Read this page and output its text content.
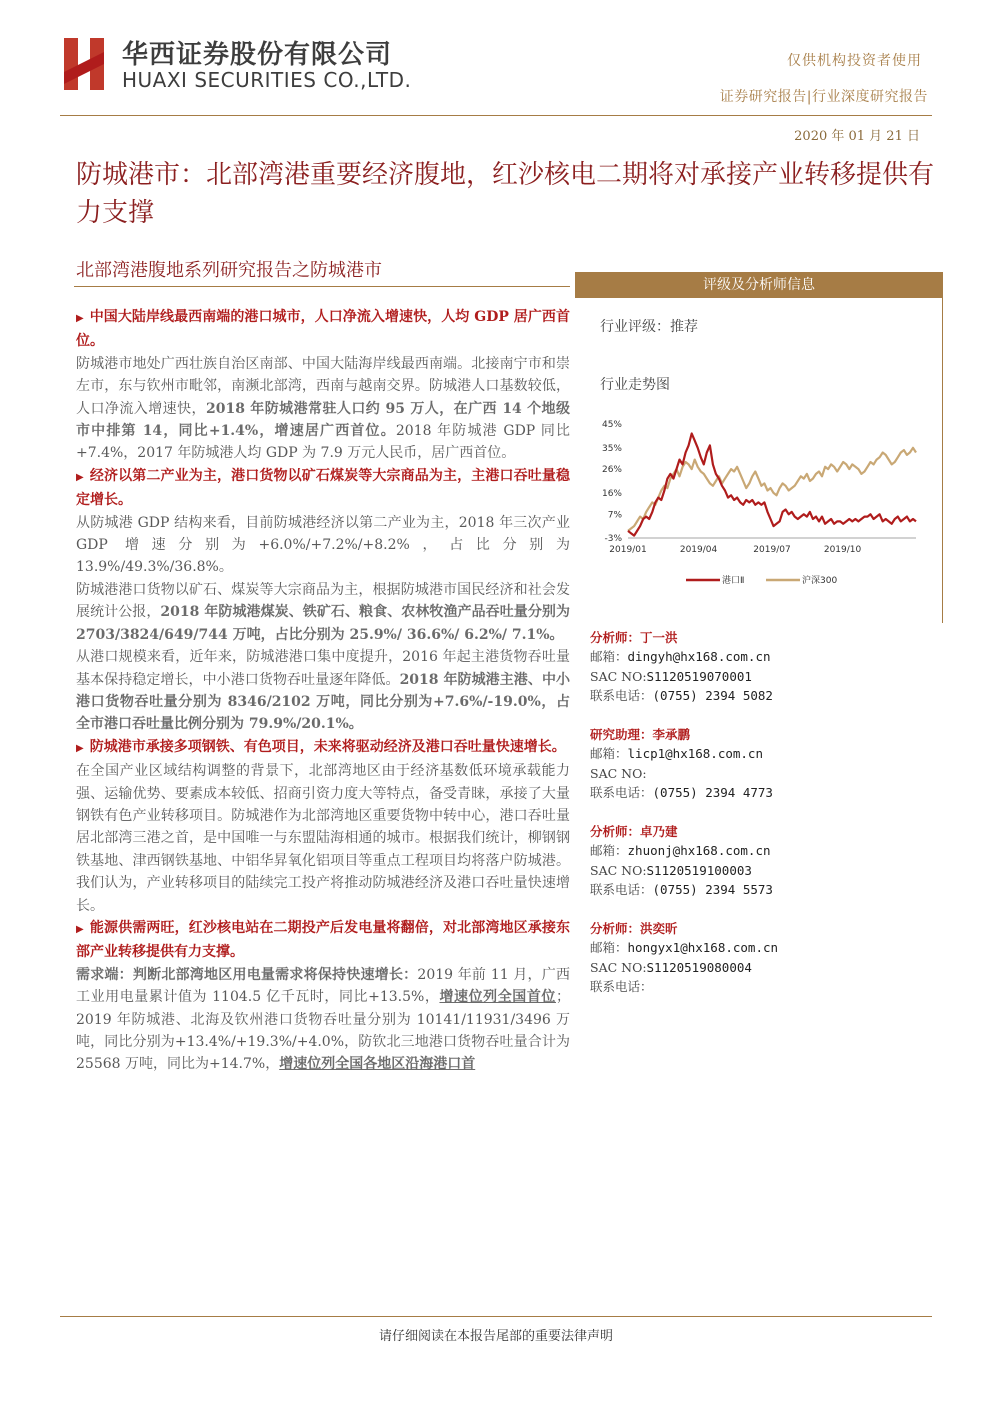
华西证券股份有限公司
HUAXI SECURITIES CO.,LTD.
仅供机构投资者使用
证券研究报告|行业深度研究报告
2020 年 01 月 21 日
防城港市：北部湾港重要经济腹地，红沙核电二期将对承接产业转移提供有力支撑
北部湾港腹地系列研究报告之防城港市

▶ 中国大陆岸线最西南端的港口城市，人口净流入增速快，人均 GDP 居广西首位。

防城港市地处广西壮族自治区南部、中国大陆海岸线最西南端。北接南宁市和崇左市，东与钦州市毗邻，南濒北部湾，西南与越南交界。防城港人口基数较低，人口净流入增速快，2018 年防城港常驻人口约 95 万人，在广西 14 个地级市中排第 14，同比+1.4%，增速居广西首位。2018 年防城港 GDP 同比+7.4%，2017 年防城港人均 GDP 为 7.9 万元人民币，居广西首位。

▶ 经济以第二产业为主，港口货物以矿石煤炭等大宗商品为主，主港口吞吐量稳定增长。

从防城港 GDP 结构来看，目前防城港经济以第二产业为主，2018 年三次产业 GDP 增速分别为+6.0%/+7.2%/+8.2%，占比分别为 13.9%/49.3%/36.8%。

防城港港口货物以矿石、煤炭等大宗商品为主，根据防城港市国民经济和社会发展统计公报，2018 年防城港煤炭、铁矿石、粮食、农林牧渔产品吞吐量分别为 2703/3824/649/744 万吨，占比分别为 25.9%/ 36.6%/ 6.2%/ 7.1%。

从港口规模来看，近年来，防城港港口集中度提升，2016 年起主港货物吞吐量基本保持稳定增长，中小港口货物吞吐量逐年降低。2018 年防城港主港、中小港口货物吞吐量分别为 8346/2102 万吨，同比分别为+7.6%/-19.0%，占全市港口吞吐量比例分别为 79.9%/20.1%。

▶ 防城港市承接多项钢铁、有色项目，未来将驱动经济及港口吞吐量快速增长。

在全国产业区域结构调整的背景下，北部湾地区由于经济基数低环境承载能力强、运输优势、要素成本较低、招商引资力度大等特点，备受青睐，承接了大量钢铁有色产业转移项目。防城港作为北部湾地区重要货物中转中心，港口吞吐量居北部湾三港之首，是中国唯一与东盟陆海相通的城市。根据我们统计，柳钢钢铁基地、津西钢铁基地、中铝华昇氧化铝项目等重点工程项目均将落户防城港。我们认为，产业转移项目的陆续完工投产将推动防城港经济及港口吞吐量快速增长。

▶ 能源供需两旺，红沙核电站在二期投产后发电量将翻倍，对北部湾地区承接东部产业转移提供有力支撑。

需求端：判断北部湾地区用电量需求将保持快速增长：2019 年前 11 月，广西工业用电量累计值为 1104.5 亿千瓦时，同比+13.5%，增速位列全国首位；2019 年防城港、北海及钦州港口货物吞吐量分别为 10141/11931/3496 万吨，同比分别为+13.4%/+19.3%/+4.0%，防钦北三地港口货物吞吐量合计为 25568 万吨，同比为+14.7%，增速位列全国各地区沿海港口首

评级及分析师信息
行业评级：推荐
行业走势图
45%
35%
26%
16%
7%
-3%
2019/01	2019/04	2019/07	2019/10
港口Ⅱ	沪深300
分析师：丁一洪
邮箱：dingyh@hx168.com.cn
SAC NO:S1120519070001
联系电话：(0755) 2394 5082
研究助理：李承鹏
邮箱：licp1@hx168.com.cn
SAC NO:
联系电话：(0755) 2394 4773
分析师：卓乃建
邮箱：zhuonj@hx168.com.cn
SAC NO:S1120519100003
联系电话：(0755) 2394 5573
分析师：洪奕昕
邮箱：hongyx1@hx168.com.cn
SAC NO:S1120519080004
联系电话：
请仔细阅读在本报告尾部的重要法律声明
